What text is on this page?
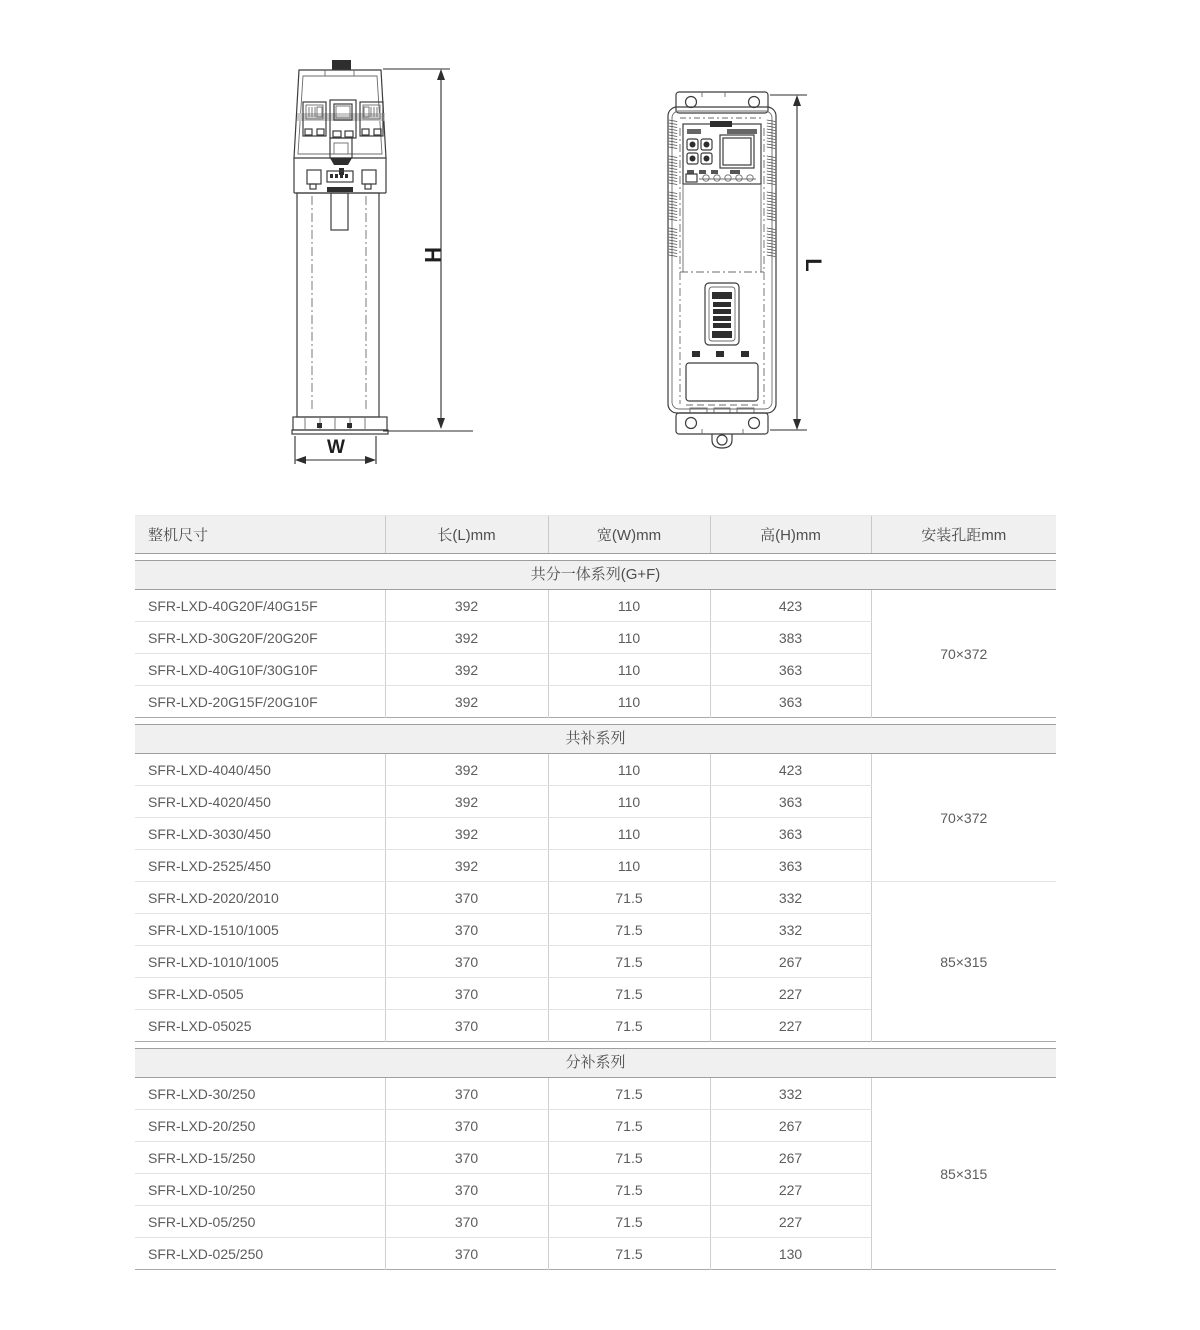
H
W
L
整机尺寸	长(L)mm	宽(W)mm	高(H)mm	安装孔距mm
共分一体系列(G+F)
SFR-LXD-40G20F/40G15F	392	110	423	70×372
SFR-LXD-30G20F/20G20F	392	110	383	
SFR-LXD-40G10F/30G10F	392	110	363	
SFR-LXD-20G15F/20G10F	392	110	363	
共补系列
SFR-LXD-4040/450	392	110	423	70×372
SFR-LXD-4020/450	392	110	363	
SFR-LXD-3030/450	392	110	363	
SFR-LXD-2525/450	392	110	363	
SFR-LXD-2020/2010	370	71.5	332	85×315
SFR-LXD-1510/1005	370	71.5	332	
SFR-LXD-1010/1005	370	71.5	267	
SFR-LXD-0505	370	71.5	227	
SFR-LXD-05025	370	71.5	227	
分补系列
SFR-LXD-30/250	370	71.5	332	85×315
SFR-LXD-20/250	370	71.5	267	
SFR-LXD-15/250	370	71.5	267	
SFR-LXD-10/250	370	71.5	227	
SFR-LXD-05/250	370	71.5	227	
SFR-LXD-025/250	370	71.5	130	
